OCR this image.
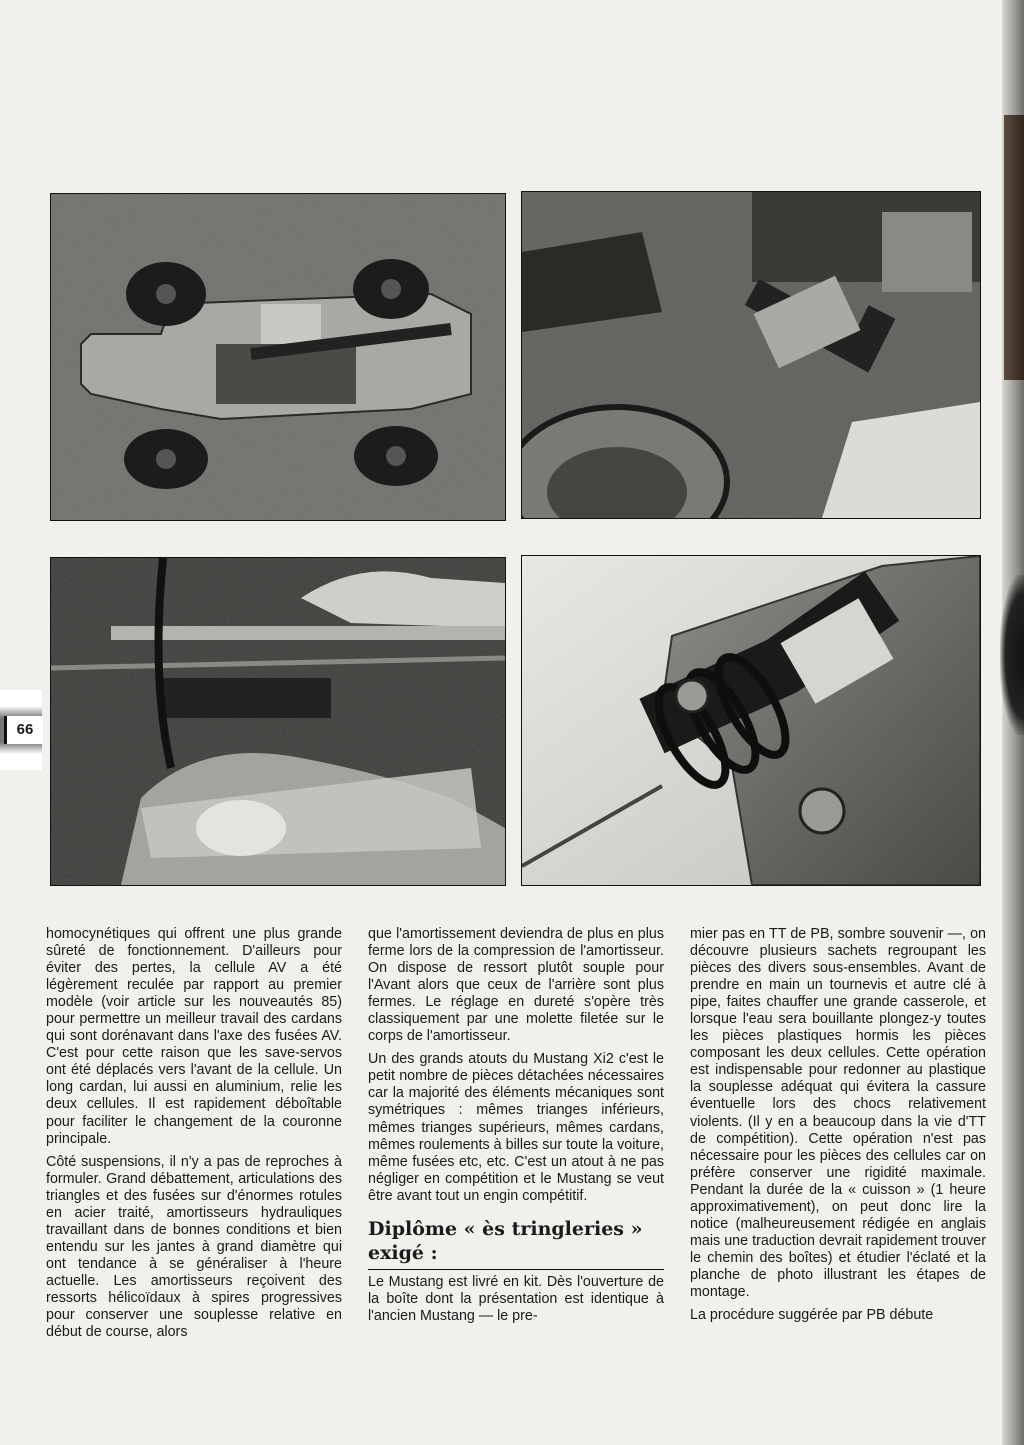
66

homocynétiques qui offrent une plus grande sûreté de fonctionnement. D'ailleurs pour éviter des pertes, la cellule AV a été légèrement reculée par rapport au premier modèle (voir article sur les nouveautés 85) pour permettre un meilleur travail des cardans qui sont dorénavant dans l'axe des fusées AV. C'est pour cette raison que les save-servos ont été déplacés vers l'avant de la cellule. Un long cardan, lui aussi en aluminium, relie les deux cellules. Il est rapidement déboîtable pour faciliter le changement de la couronne principale.

Côté suspensions, il n'y a pas de reproches à formuler. Grand débattement, articulations des triangles et des fusées sur d'énormes rotules en acier traité, amortisseurs hydrauliques travaillant dans de bonnes conditions et bien entendu sur les jantes à grand diamètre qui ont tendance à se généraliser à l'heure actuelle. Les amortisseurs reçoivent des ressorts hélicoïdaux à spires progressives pour conserver une souplesse relative en début de course, alors

que l'amortissement deviendra de plus en plus ferme lors de la compression de l'amortisseur. On dispose de ressort plutôt souple pour l'Avant alors que ceux de l'arrière sont plus fermes. Le réglage en dureté s'opère très classiquement par une molette filetée sur le corps de l'amortisseur.

Un des grands atouts du Mustang Xi2 c'est le petit nombre de pièces détachées nécessaires car la majorité des éléments mécaniques sont symétriques : mêmes trianges inférieurs, mêmes trianges supérieurs, mêmes cardans, mêmes roulements à billes sur toute la voiture, même fusées etc, etc. C'est un atout à ne pas négliger en compétition et le Mustang se veut être avant tout un engin compétitif.

Diplôme « ès tringleries » exigé :

Le Mustang est livré en kit. Dès l'ouverture de la boîte dont la présentation est identique à l'ancien Mustang — le pre-

mier pas en TT de PB, sombre souvenir —, on découvre plusieurs sachets regroupant les pièces des divers sous-ensembles. Avant de prendre en main un tournevis et autre clé à pipe, faites chauffer une grande casserole, et lorsque l'eau sera bouillante plongez-y toutes les pièces plastiques hormis les pièces composant les deux cellules. Cette opération est indispensable pour redonner au plastique la souplesse adéquat qui évitera la cassure éventuelle lors des chocs relativement violents. (Il y en a beaucoup dans la vie d'TT de compétition). Cette opération n'est pas nécessaire pour les pièces des cellules car on préfère conserver une rigidité maximale. Pendant la durée de la « cuisson » (1 heure approximativement), on peut donc lire la notice (malheureusement rédigée en anglais mais une traduction devrait rapidement trouver le chemin des boîtes) et étudier l'éclaté et la planche de photo illustrant les étapes de montage.

La procédure suggérée par PB débute
